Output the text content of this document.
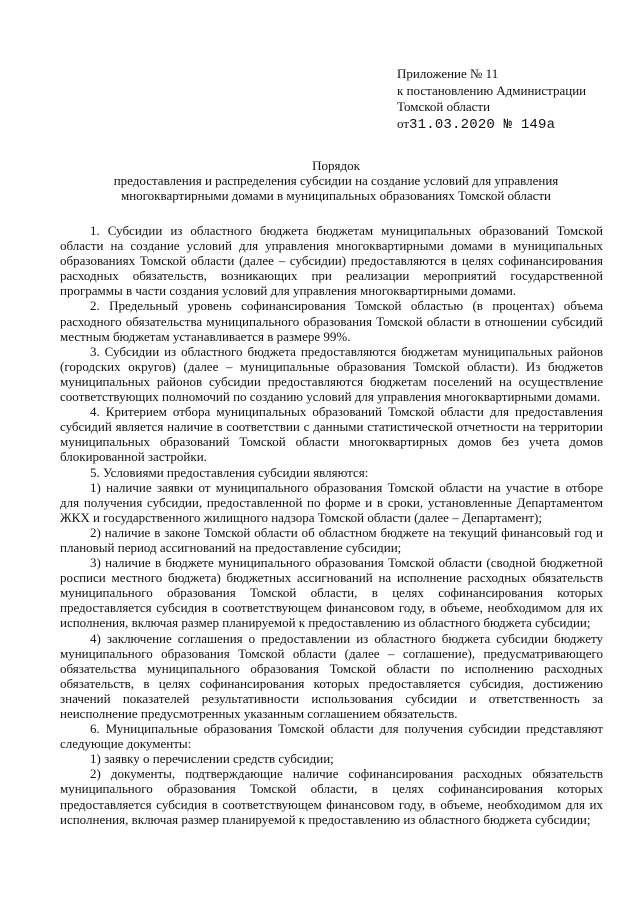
Приложение № 11
к постановлению Администрации
Томской области
от31.03.2020 № 149а
Порядок
предоставления и распределения субсидии на создание условий для управления многоквартирными домами в муниципальных образованиях Томской области

1. Субсидии из областного бюджета бюджетам муниципальных образований Томской области на создание условий для управления многоквартирными домами в муниципальных образованиях Томской области (далее – субсидии) предоставляются в целях софинансирования расходных обязательств, возникающих при реализации мероприятий государственной программы в части создания условий для управления многоквартирными домами.

2. Предельный уровень софинансирования Томской областью (в процентах) объема расходного обязательства муниципального образования Томской области в отношении субсидий местным бюджетам устанавливается в размере 99%.

3. Субсидии из областного бюджета предоставляются бюджетам муниципальных районов (городских округов) (далее – муниципальные образования Томской области). Из бюджетов муниципальных районов субсидии предоставляются бюджетам поселений на осуществление соответствующих полномочий по созданию условий для управления многоквартирными домами.

4. Критерием отбора муниципальных образований Томской области для предоставления субсидий является наличие в соответствии с данными статистической отчетности на территории муниципальных образований Томской области многоквартирных домов без учета домов блокированной застройки.

5. Условиями предоставления субсидии являются:

1) наличие заявки от муниципального образования Томской области на участие в отборе для получения субсидии, предоставленной по форме и в сроки, установленные Департаментом ЖКХ и государственного жилищного надзора Томской области (далее – Департамент);

2) наличие в законе Томской области об областном бюджете на текущий финансовый год и плановый период ассигнований на предоставление субсидии;

3) наличие в бюджете муниципального образования Томской области (сводной бюджетной росписи местного бюджета) бюджетных ассигнований на исполнение расходных обязательств муниципального образования Томской области, в целях софинансирования которых предоставляется субсидия в соответствующем финансовом году, в объеме, необходимом для их исполнения, включая размер планируемой к предоставлению из областного бюджета субсидии;

4) заключение соглашения о предоставлении из областного бюджета субсидии бюджету муниципального образования Томской области (далее – соглашение), предусматривающего обязательства муниципального образования Томской области по исполнению расходных обязательств, в целях софинансирования которых предоставляется субсидия, достижению значений показателей результативности использования субсидии и ответственность за неисполнение предусмотренных указанным соглашением обязательств.

6. Муниципальные образования Томской области для получения субсидии представляют следующие документы:

1) заявку о перечислении средств субсидии;

2) документы, подтверждающие наличие софинансирования расходных обязательств муниципального образования Томской области, в целях софинансирования которых предоставляется субсидия в соответствующем финансовом году, в объеме, необходимом для их исполнения, включая размер планируемой к предоставлению из областного бюджета субсидии;
